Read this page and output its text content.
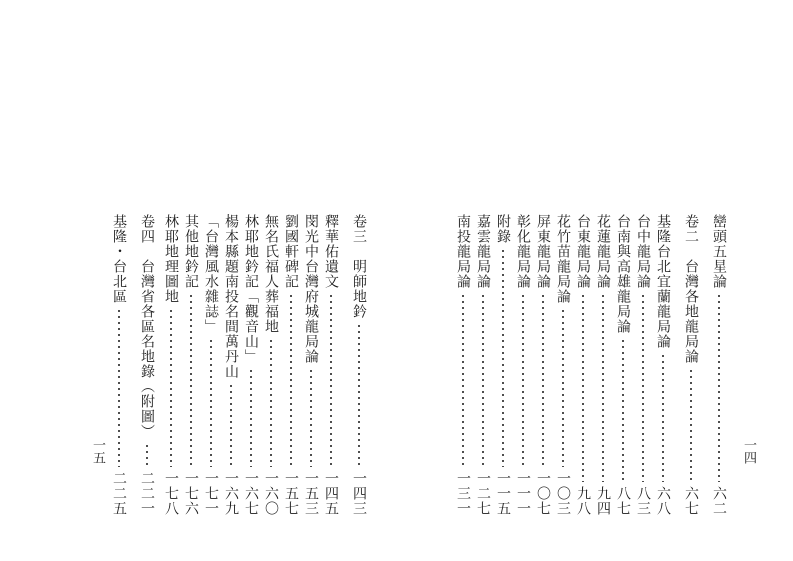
巒頭五星論
六二
卷二　台灣各地龍局論
六七
基隆台北宜蘭龍局論
六八
台中龍局論
八三
台南與高雄龍局論
八七
花蓮龍局論
九四
台東龍局論
九八
花竹苗龍局論
一〇三
屏東龍局論
一〇七
彰化龍局論
一一一
附錄
一一五
嘉雲龍局論
一二七
南投龍局論
一三一
一四
卷三　明師地鈐
一四三
釋華佑遺文
一四五
閔光中台灣府城龍局論
一五三
劉國軒碑記
一五七
無名氏福人葬福地
一六〇
林耶地鈐記「觀音山」
一六七
楊本縣題南投名間萬丹山
一六九
「台灣風水雜誌」
一七一
其他地鈐記
一七六
林耶地理圖地
一七八
卷四　台灣省各區名地錄（附圖）
二二一
基隆・台北區
二二五
一五
